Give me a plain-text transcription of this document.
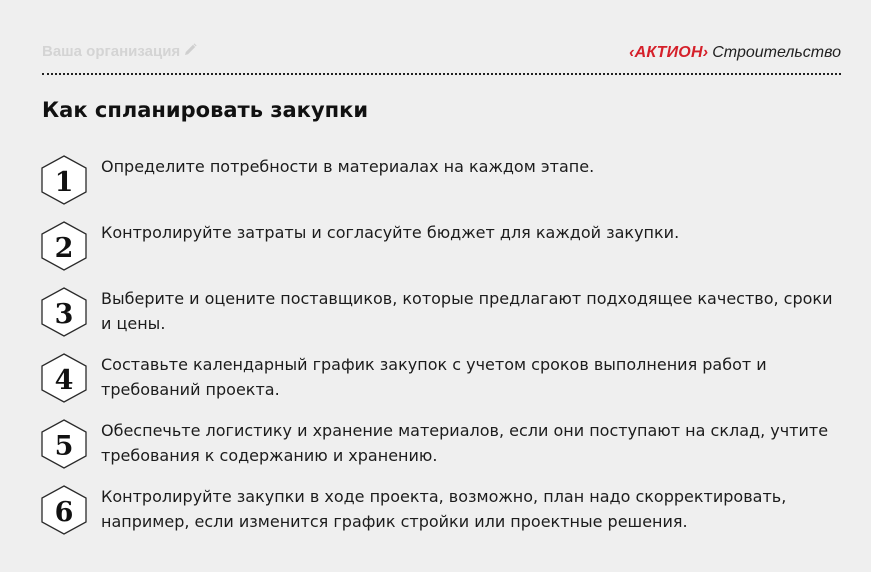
Ваша организация	‹АКТИОН› Строительство
Как спланировать закупки
1	Определите потребности в материалах на каждом этапе.

2	Контролируйте затраты и согласуйте бюджет для каждой закупки.

3	Выберите и оцените поставщиков, которые предлагают подходящее качество, сроки и цены.

4	Составьте календарный график закупок с учетом сроков выполнения работ и требований проекта.

5	Обеспечьте логистику и хранение материалов, если они поступают на склад, учтите требования к содержанию и хранению.

6	Контролируйте закупки в ходе проекта, возможно, план надо скорректировать, например, если изменится график стройки или проектные решения.
